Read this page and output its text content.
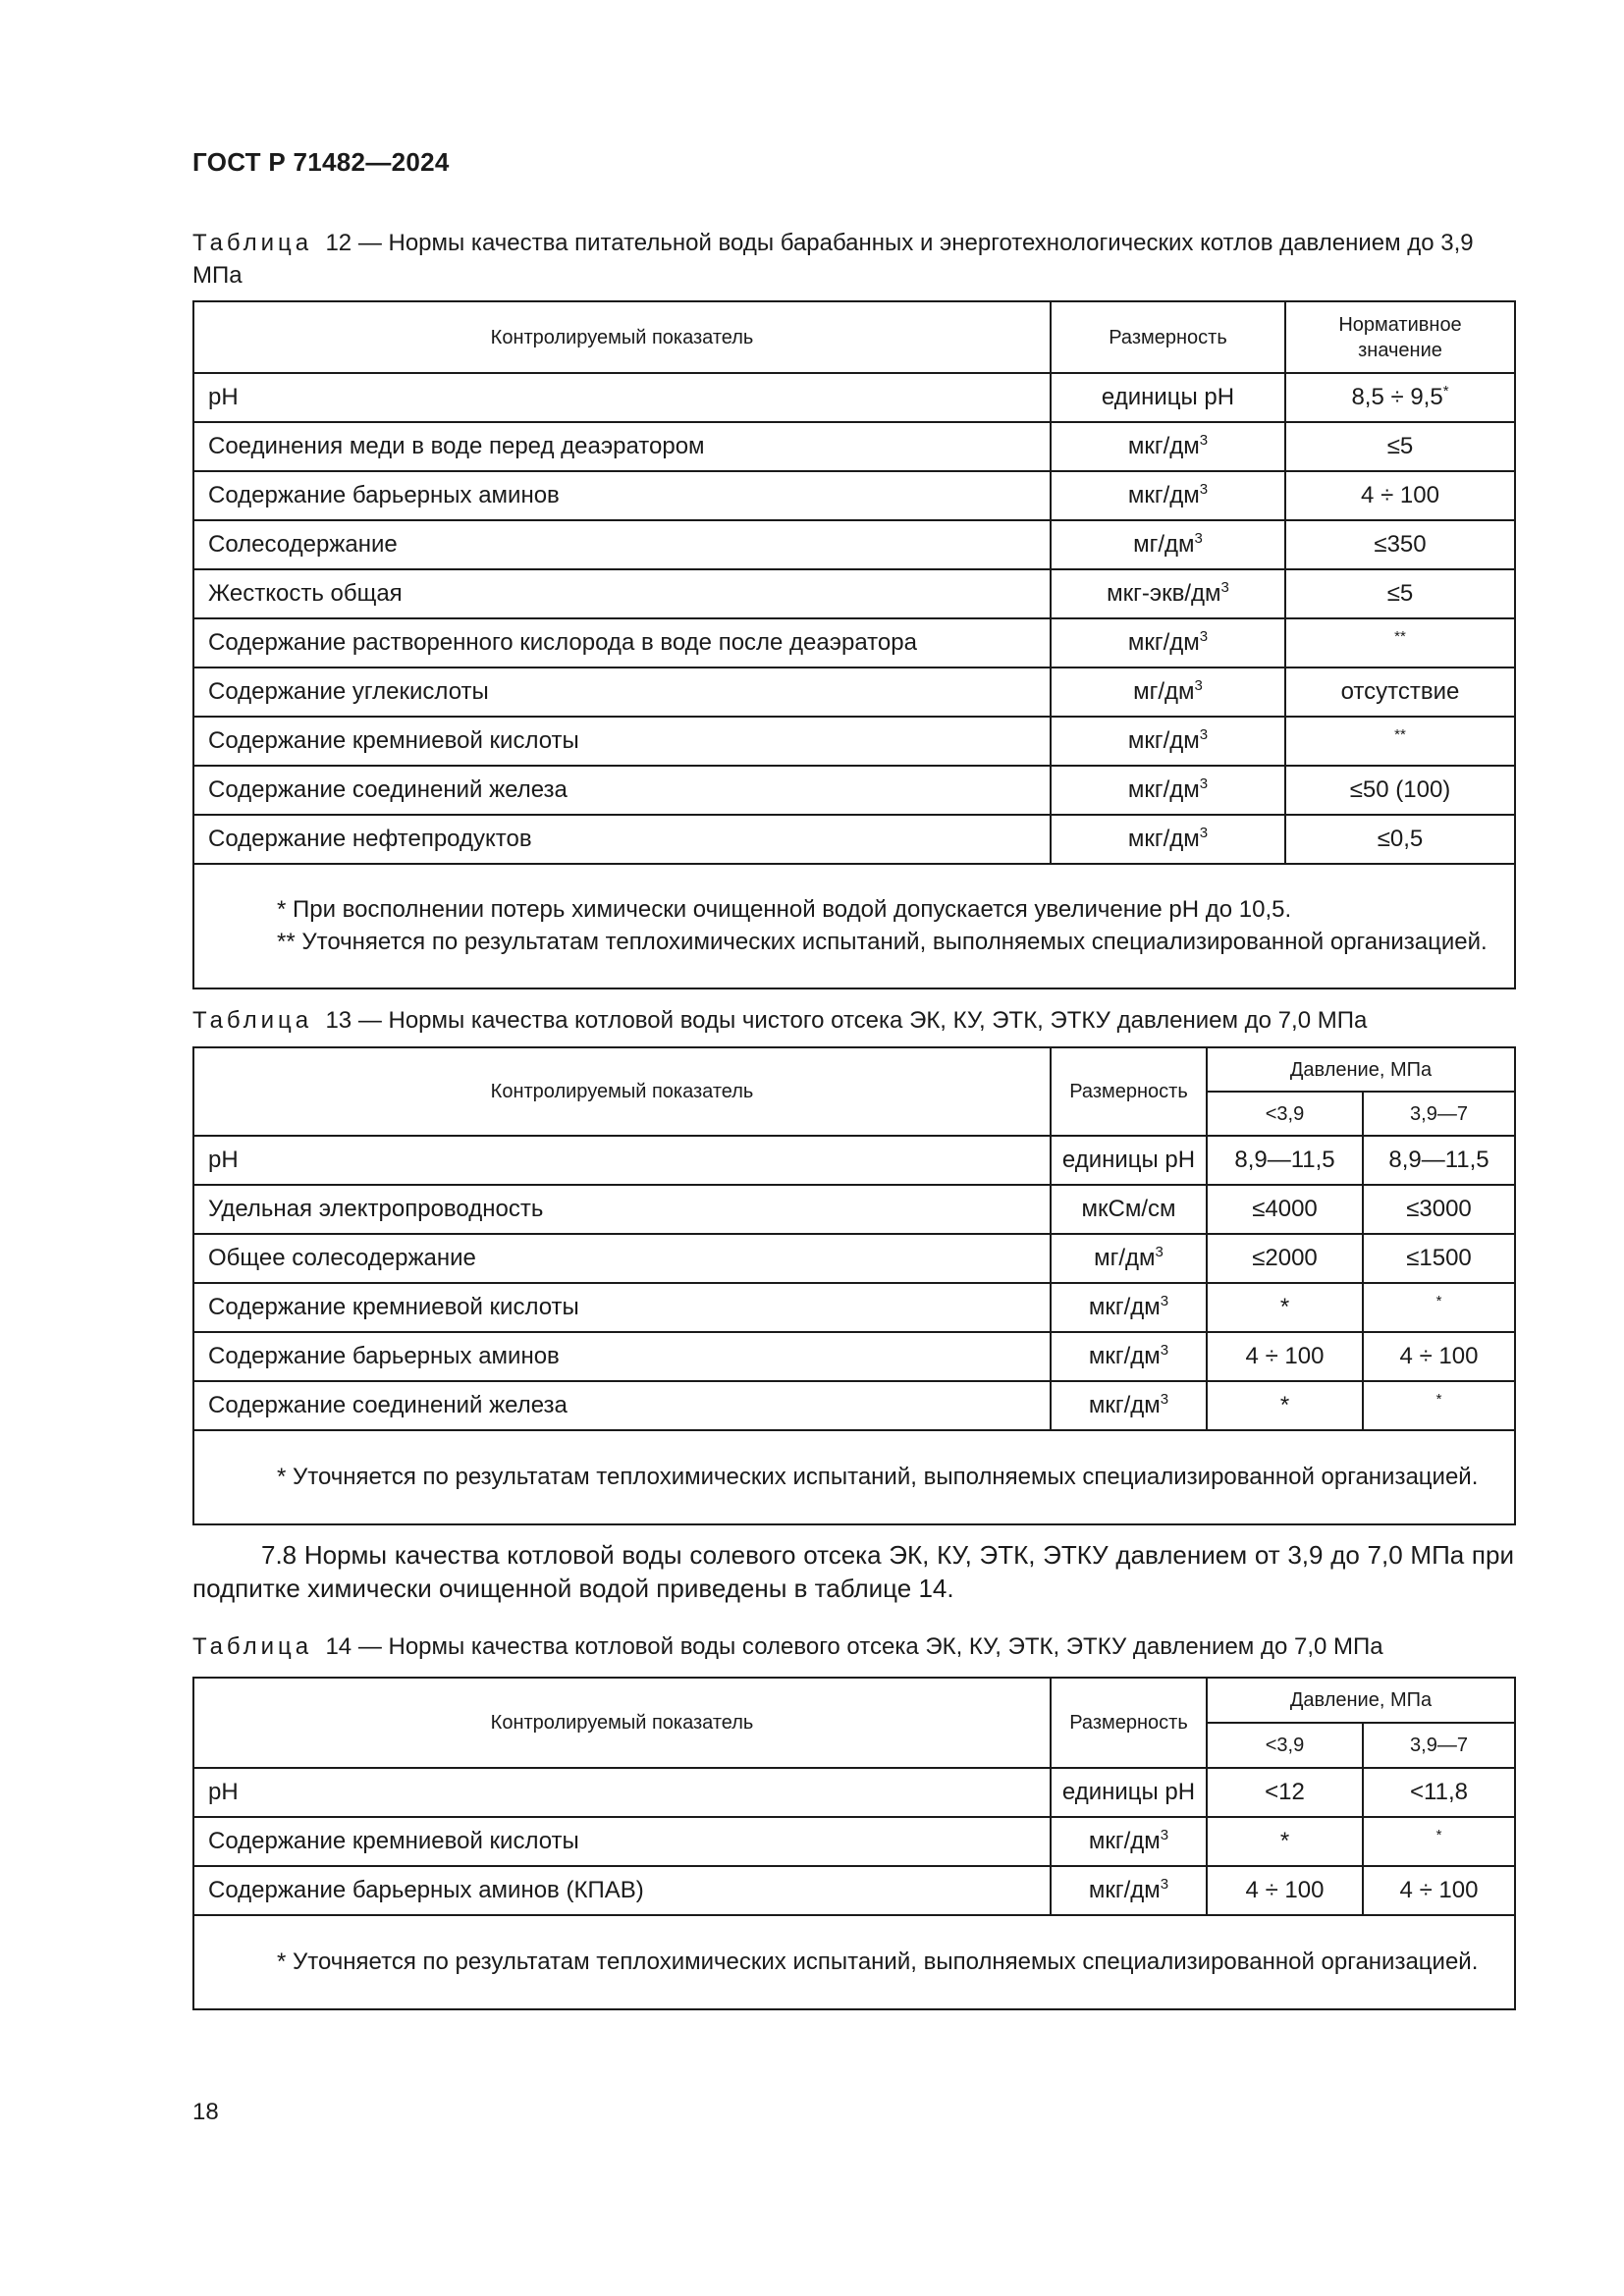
ГОСТ Р 71482—2024
Таблица 12 — Нормы качества питательной воды барабанных и энерготехнологических котлов давлением до 3,9 МПа
Контролируемый показатель	Размерность	Нормативное значение
pH	единицы pH	8,5 ÷ 9,5*
Соединения меди в воде перед деаэратором	мкг/$дм^3$	≤5
Содержание барьерных аминов	мкг/$дм^3$	4 ÷ 100
Солесодержание	$мг/дм^3$	≤350
Жесткость общая	мкг-$экв/дм^3$	≤5
Содержание растворенного кислорода в воде после деаэратора	мкг/$дм^3$	**
Содержание углекислоты	$мг/дм^3$	отсутствие
Содержание кремниевой кислоты	мкг/$дм^3$	**
Содержание соединений железа	мкг/$дм^3$	≤50 (100)
Содержание нефтепродуктов	мкг/$дм^3$	≤0,5

* При восполнении потерь химически очищенной водой допускается увеличение pH до 10,5.
** Уточняется по результатам теплохимических испытаний, выполняемых специализированной организацией.		
Таблица 13 — Нормы качества котловой воды чистого отсека ЭК, КУ, ЭТК, ЭТКУ давлением до 7,0 МПа
Контролируемый показатель	Размерность	Давление, МПа	
		<3,9	3,9—7
pH	единицы pH	8,9—11,5	8,9—11,5
Удельная электропроводность	мкСм/см	≤4000	≤3000
Общее солесодержание	$мг/дм^3$	≤2000	≤1500
Содержание кремниевой кислоты	мкг/$дм^3$	*	*
Содержание барьерных аминов	мкг/$дм^3$	4 ÷ 100	4 ÷ 100
Содержание соединений железа	мкг/$дм^3$	*	*

* Уточняется по результатам теплохимических испытаний, выполняемых специализированной организацией.			
7.8 Нормы качества котловой воды солевого отсека ЭК, КУ, ЭТК, ЭТКУ давлением от 3,9 до 7,0 МПа при подпитке химически очищенной водой приведены в таблице 14.
Таблица 14 — Нормы качества котловой воды солевого отсека ЭК, КУ, ЭТК, ЭТКУ давлением до 7,0 МПа
Контролируемый показатель	Размерность	Давление, МПа	
		<3,9	3,9—7
pH	единицы pH	<12	<11,8
Содержание кремниевой кислоты	мкг/$дм^3$	*	*
Содержание барьерных аминов (КПАВ)	мкг/$дм^3$	4 ÷ 100	4 ÷ 100

* Уточняется по результатам теплохимических испытаний, выполняемых специализированной организацией.			
18
